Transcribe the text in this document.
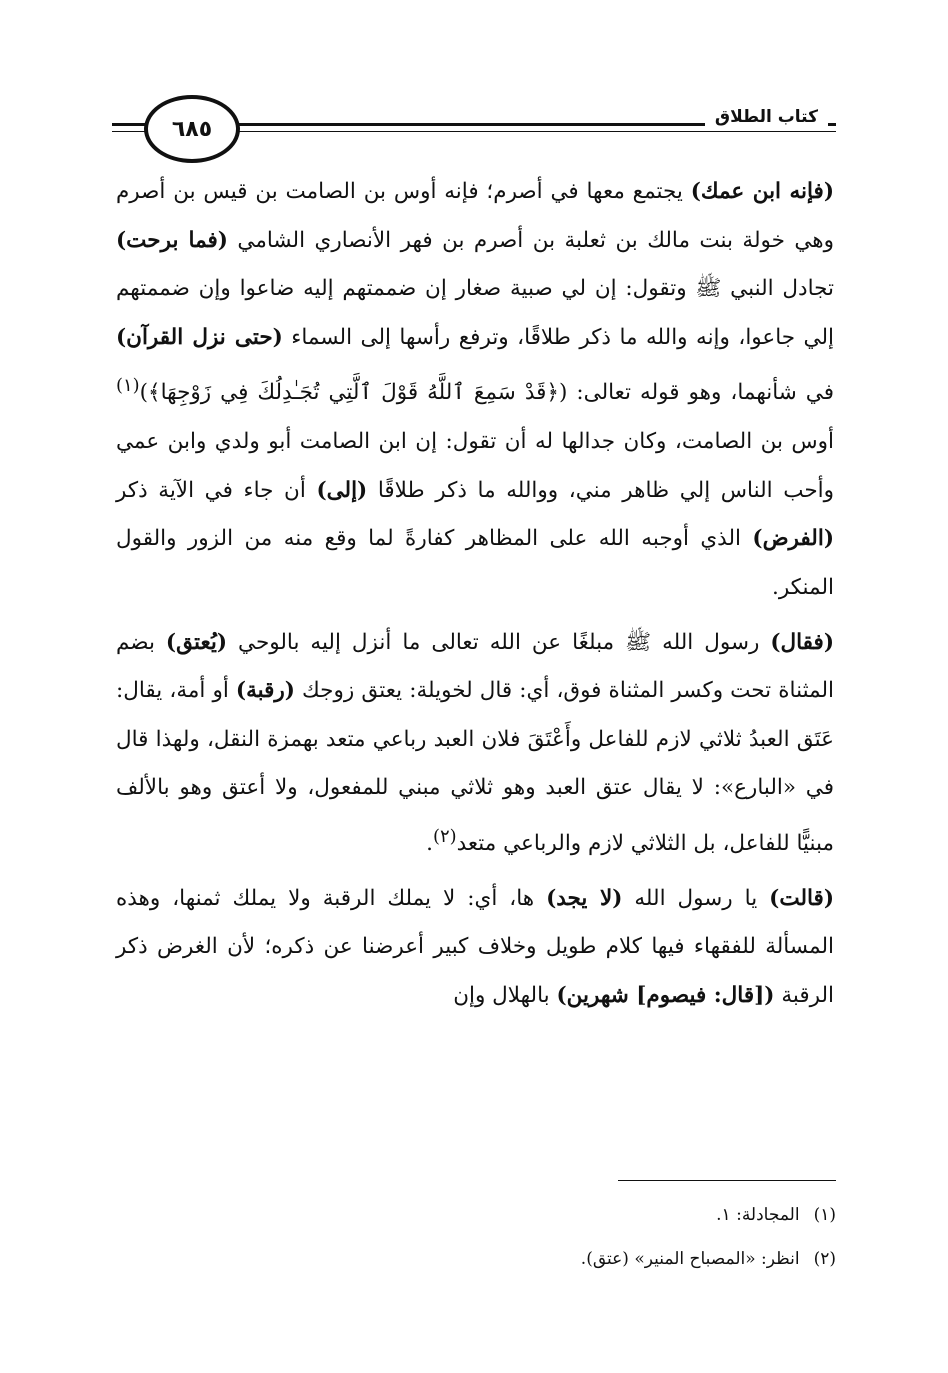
كتاب الطلاق
٦٨٥

(فإنه ابن عمك) يجتمع معها في أصرم؛ فإنه أوس بن الصامت بن قيس بن أصرم وهي خولة بنت مالك بن ثعلبة بن أصرم بن فهر الأنصاري الشامي (فما برحت) تجادل النبي ﷺ وتقول: إن لي صبية صغار إن ضممتهم إليه ضاعوا وإن ضممتهم إلي جاعوا، وإنه والله ما ذكر طلاقًا، وترفع رأسها إلى السماء (حتى نزل القرآن) في شأنهما، وهو قوله تعالى: (﴿قَدْ سَمِعَ ٱللَّهُ قَوْلَ ٱلَّتِي تُجَـٰدِلُكَ فِي زَوْجِهَا﴾)$^{(١)}$ أوس بن الصامت، وكان جدالها له أن تقول: إن ابن الصامت أبو ولدي وابن عمي وأحب الناس إلي ظاهر مني، ووالله ما ذكر طلاقًا (إلى) أن جاء في الآية ذكر (الفرض) الذي أوجبه الله على المظاهر كفارةً لما وقع منه من الزور والقول المنكر.

(فقال) رسول الله ﷺ مبلغًا عن الله تعالى ما أنزل إليه بالوحي (يُعتق) بضم المثناة تحت وكسر المثناة فوق، أي: قال لخويلة: يعتق زوجك (رقبة) أو أمة، يقال: عَتَق العبدُ ثلاثي لازم للفاعل وأَعْتَقَ فلان العبد رباعي متعد بهمزة النقل، ولهذا قال في «البارع»: لا يقال عتق العبد وهو ثلاثي مبني للمفعول، ولا أعتق وهو بالألف مبنيًّا للفاعل، بل الثلاثي لازم والرباعي متعد$^{(٢)}$.

(قالت) يا رسول الله (لا يجد) ها، أي: لا يملك الرقبة ولا يملك ثمنها، وهذه المسألة للفقهاء فيها كلام طويل وخلاف كبير أعرضنا عن ذكره؛ لأن الغرض ذكر الرقبة ([قال: فيصوم] شهرين) بالهلال وإن

(١)المجادلة: ١.

(٢)انظر: «المصباح المنير» (عتق).
